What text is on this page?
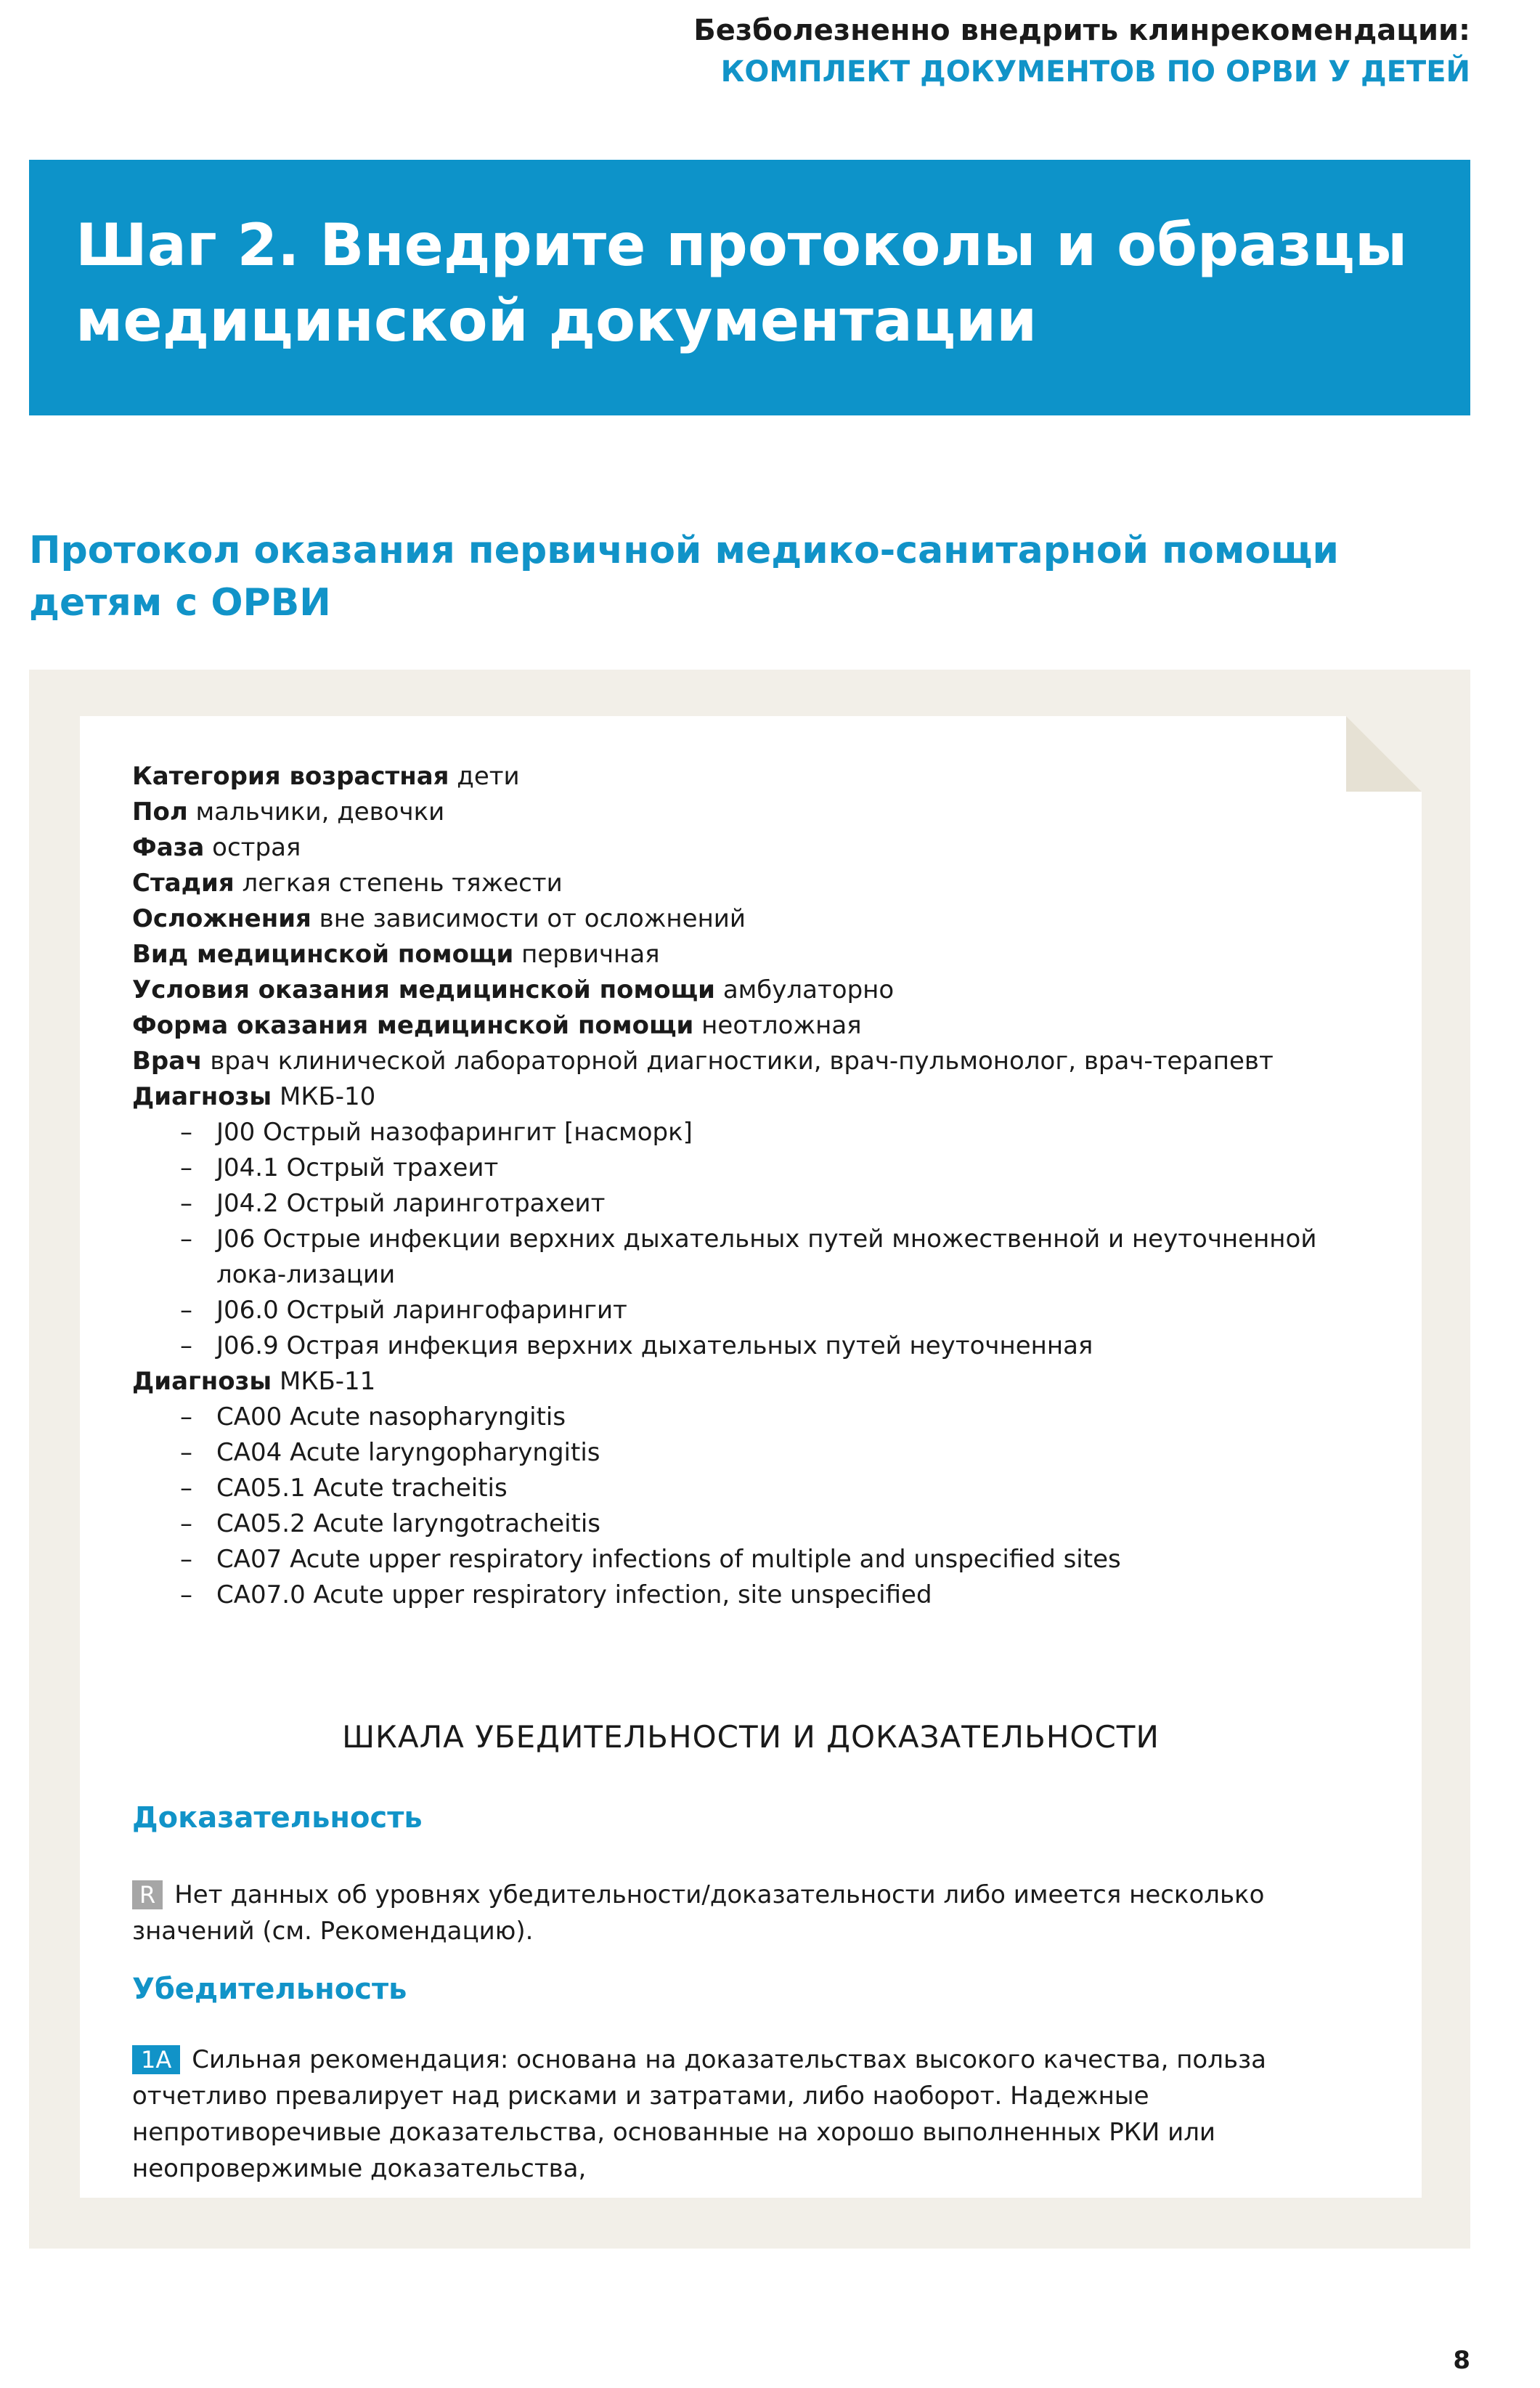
Безболезненно внедрить клинрекомендации:
КОМПЛЕКТ ДОКУМЕНТОВ ПО ОРВИ У ДЕТЕЙ
Шаг 2. Внедрите протоколы и образцы медицинской документации
Протокол оказания первичной медико-санитарной помощи детям с ОРВИ
Категория возрастная дети
Пол мальчики, девочки
Фаза острая
Стадия легкая степень тяжести
Осложнения вне зависимости от осложнений
Вид медицинской помощи первичная
Условия оказания медицинской помощи амбулаторно
Форма оказания медицинской помощи неотложная
Врач врач клинической лабораторной диагностики, врач-пульмонолог, врач-терапевт
Диагнозы МКБ-10
– J00 Острый назофарингит [насморк]
– J04.1 Острый трахеит
– J04.2 Острый ларинготрахеит
– J06 Острые инфекции верхних дыхательных путей множественной и неуточненной лока-лизации
– J06.0 Острый ларингофарингит
– J06.9 Острая инфекция верхних дыхательных путей неуточненная
Диагнозы МКБ-11
– CA00 Acute nasopharyngitis
– CA04 Acute laryngopharyngitis
– CA05.1 Acute tracheitis
– CA05.2 Acute laryngotracheitis
– CA07 Acute upper respiratory infections of multiple and unspecified sites
– CA07.0 Acute upper respiratory infection, site unspecified
ШКАЛА УБЕДИТЕЛЬНОСТИ И ДОКАЗАТЕЛЬНОСТИ
Доказательность
R Нет данных об уровнях убедительности/доказательности либо имеется несколько значений (см. Рекомендацию).
Убедительность
1A Сильная рекомендация: основана на доказательствах высокого качества, польза отчетливо превалирует над рисками и затратами, либо наоборот. Надежные непротиворечивые доказательства, основанные на хорошо выполненных РКИ или неопровержимые доказательства,
8
